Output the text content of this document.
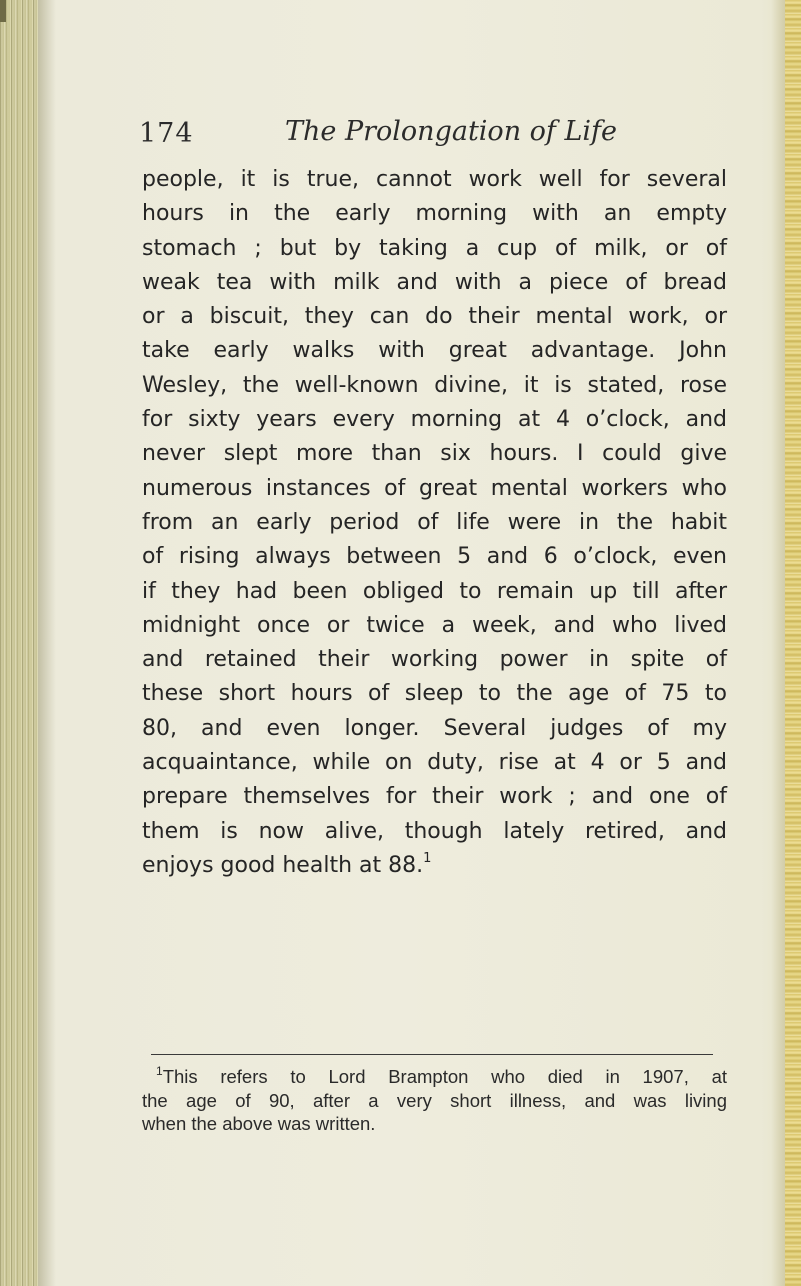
174	The Prolongation of Life
people, it is true, cannot work well for several
hours in the early morning with an empty
stomach ; but by taking a cup of milk, or of
weak tea with milk and with a piece of bread
or a biscuit, they can do their mental work, or
take early walks with great advantage. John
Wesley, the well-known divine, it is stated, rose
for sixty years every morning at 4 o’clock, and
never slept more than six hours. I could give
numerous instances of great mental workers who
from an early period of life were in the habit
of rising always between 5 and 6 o’clock, even
if they had been obliged to remain up till after
midnight once or twice a week, and who lived
and retained their working power in spite of
these short hours of sleep to the age of 75 to
80, and even longer. Several judges of my
acquaintance, while on duty, rise at 4 or 5 and
prepare themselves for their work ; and one of
them is now alive, though lately retired, and
enjoys good health at 88.$^1$
$^1$This refers to Lord Brampton who died in 1907, at
the age of 90, after a very short illness, and was living
when the above was written.
